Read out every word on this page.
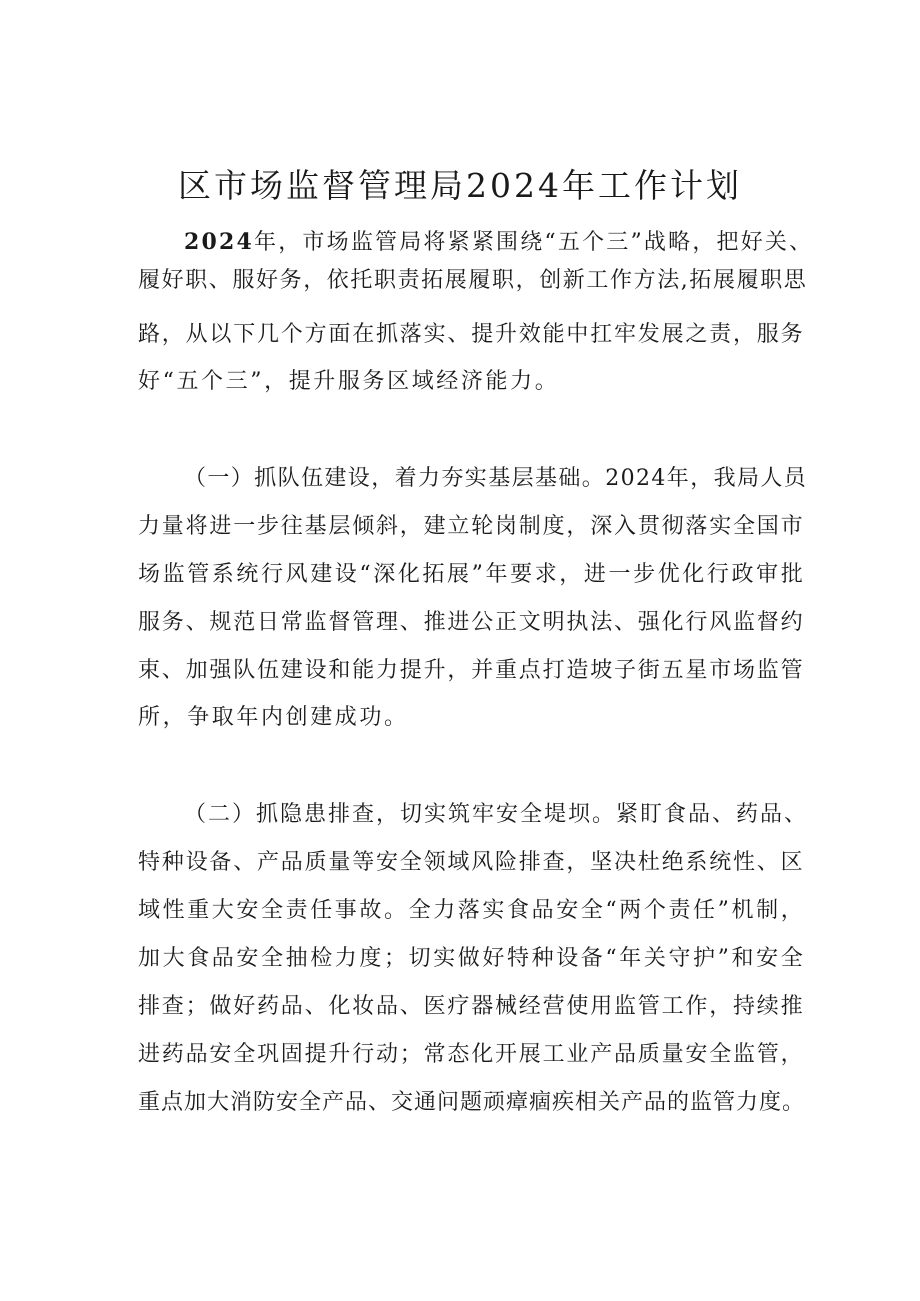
区市场监督管理局2024年工作计划
2024年，市场监管局将紧紧围绕“五个三”战略，把好关、
履好职、服好务，依托职责拓展履职，创新工作方法,拓展履职思
路，从以下几个方面在抓落实、提升效能中扛牢发展之责，服务
好“五个三”，提升服务区域经济能力。
（一）抓队伍建设，着力夯实基层基础。2024年，我局人员
力量将进一步往基层倾斜，建立轮岗制度，深入贯彻落实全国市
场监管系统行风建设“深化拓展”年要求，进一步优化行政审批
服务、规范日常监督管理、推进公正文明执法、强化行风监督约
束、加强队伍建设和能力提升，并重点打造坡子街五星市场监管
所，争取年内创建成功。
（二）抓隐患排查，切实筑牢安全堤坝。紧盯食品、药品、
特种设备、产品质量等安全领域风险排查，坚决杜绝系统性、区
域性重大安全责任事故。全力落实食品安全“两个责任”机制，
加大食品安全抽检力度；切实做好特种设备“年关守护”和安全
排查；做好药品、化妆品、医疗器械经营使用监管工作，持续推
进药品安全巩固提升行动；常态化开展工业产品质量安全监管，
重点加大消防安全产品、交通问题顽瘴痼疾相关产品的监管力度。
